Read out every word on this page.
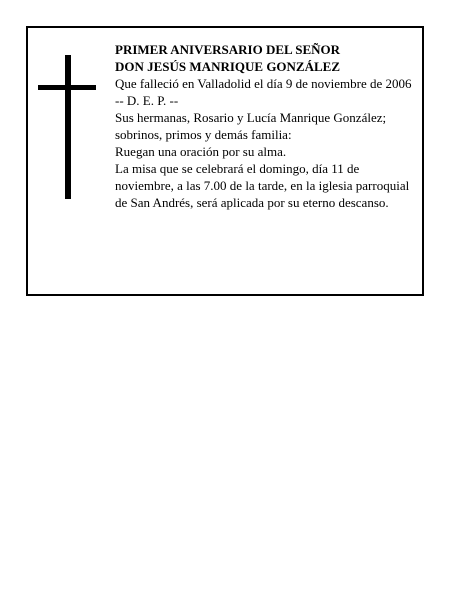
PRIMER ANIVERSARIO DEL SEÑOR

DON JESÚS MANRIQUE GONZÁLEZ

Que falleció en Valladolid el día 9 de noviembre de 2006

-- D. E. P. --

Sus hermanas, Rosario y Lucía Manrique González; sobrinos, primos y demás familia:

Ruegan una oración por su alma.

La misa que se celebrará el domingo, día 11 de noviembre, a las 7.00 de la tarde, en la iglesia parroquial de San Andrés, será aplicada por su eterno descanso.
